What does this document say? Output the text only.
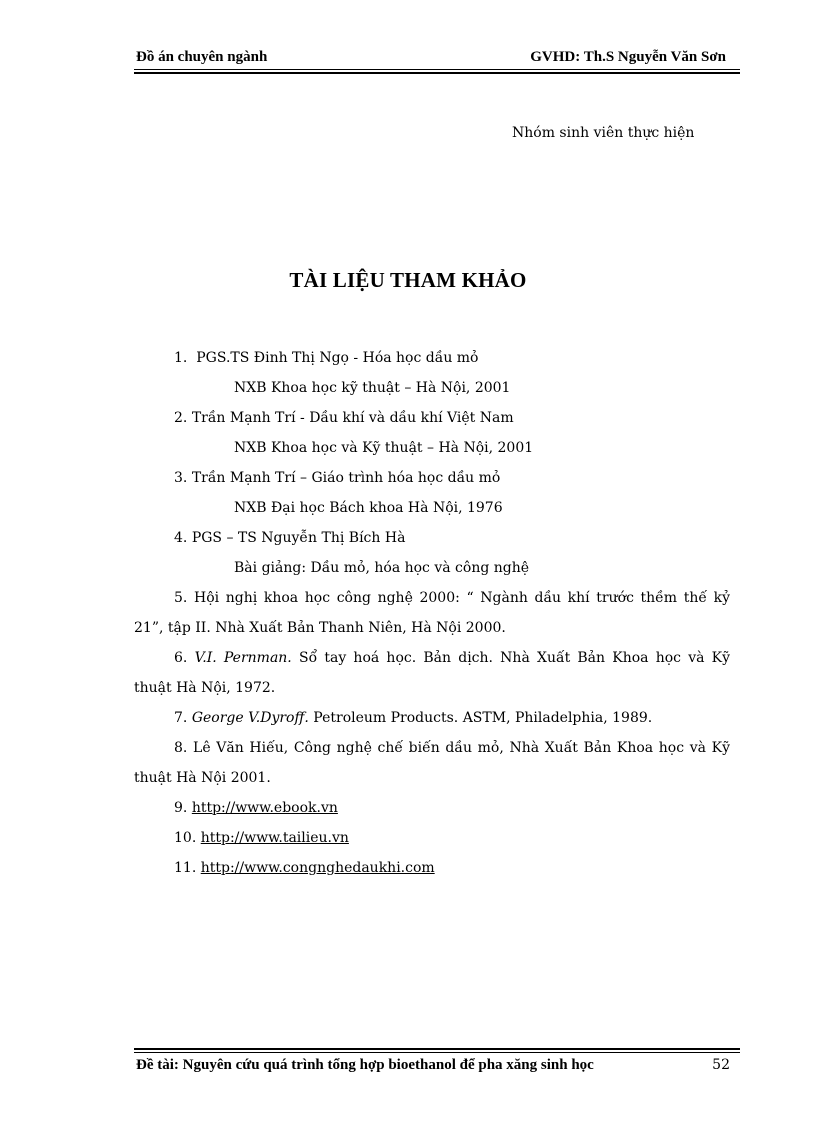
Đồ án chuyên ngành	GVHD: Th.S Nguyễn Văn Sơn
Nhóm sinh viên thực hiện
TÀI LIỆU THAM KHẢO
1. PGS.TS Đinh Thị Ngọ - Hóa học dầu mỏ
NXB Khoa học kỹ thuật – Hà Nội, 2001
2. Trần Mạnh Trí - Dầu khí và dầu khí Việt Nam
NXB Khoa học và Kỹ thuật – Hà Nội, 2001
3. Trần Mạnh Trí – Giáo trình hóa học dầu mỏ
NXB Đại học Bách khoa Hà Nội, 1976
4. PGS – TS Nguyễn Thị Bích Hà
Bài giảng: Dầu mỏ, hóa học và công nghệ
5. Hội nghị khoa học công nghệ 2000: “ Ngành dầu khí trước thềm thế kỷ 21”, tập II. Nhà Xuất Bản Thanh Niên, Hà Nội 2000.
6. V.I. Pernman. Sổ tay hoá học. Bản dịch. Nhà Xuất Bản Khoa học và Kỹ thuật Hà Nội, 1972.
7. George V.Dyroff. Petroleum Products. ASTM, Philadelphia, 1989.
8. Lê Văn Hiếu, Công nghệ chế biến dầu mỏ, Nhà Xuất Bản Khoa học và Kỹ thuật Hà Nội 2001.
9. http://www.ebook.vn
10. http://www.tailieu.vn
11. http://www.congnghedaukhi.com
Đề tài: Nguyên cứu quá trình tổng hợp bioethanol để pha xăng sinh học	52
